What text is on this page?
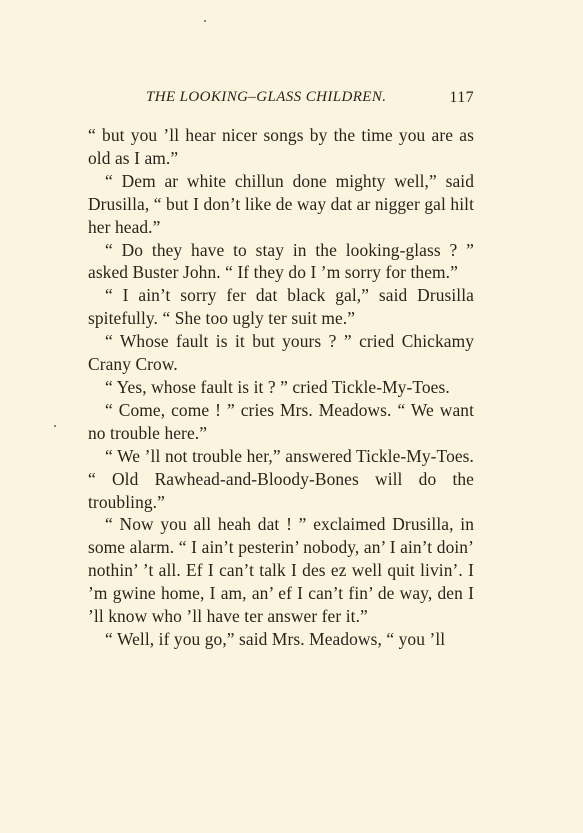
THE LOOKING–GLASS CHILDREN.	117

“ but you ’ll hear nicer songs by the time you are as old as I am.”

“ Dem ar white chillun done mighty well,” said Drusilla, “ but I don’t like de way dat ar nigger gal hilt her head.”

“ Do they have to stay in the looking-glass ? ” asked Buster John. “ If they do I ’m sorry for them.”

“ I ain’t sorry fer dat black gal,” said Drusilla spitefully. “ She too ugly ter suit me.”

“ Whose fault is it but yours ? ” cried Chickamy Crany Crow.

“ Yes, whose fault is it ? ” cried Tickle-My-Toes.

“ Come, come ! ” cries Mrs. Meadows. “ We want no trouble here.”

“ We ’ll not trouble her,” answered Tickle-My-Toes. “ Old Rawhead-and-Bloody-Bones will do the troubling.”

“ Now you all heah dat ! ” exclaimed Drusilla, in some alarm. “ I ain’t pesterin’ nobody, an’ I ain’t doin’ nothin’ ’t all. Ef I can’t talk I des ez well quit livin’. I ’m gwine home, I am, an’ ef I can’t fin’ de way, den I ’ll know who ’ll have ter answer fer it.”

“ Well, if you go,” said Mrs. Meadows, “ you ’ll
